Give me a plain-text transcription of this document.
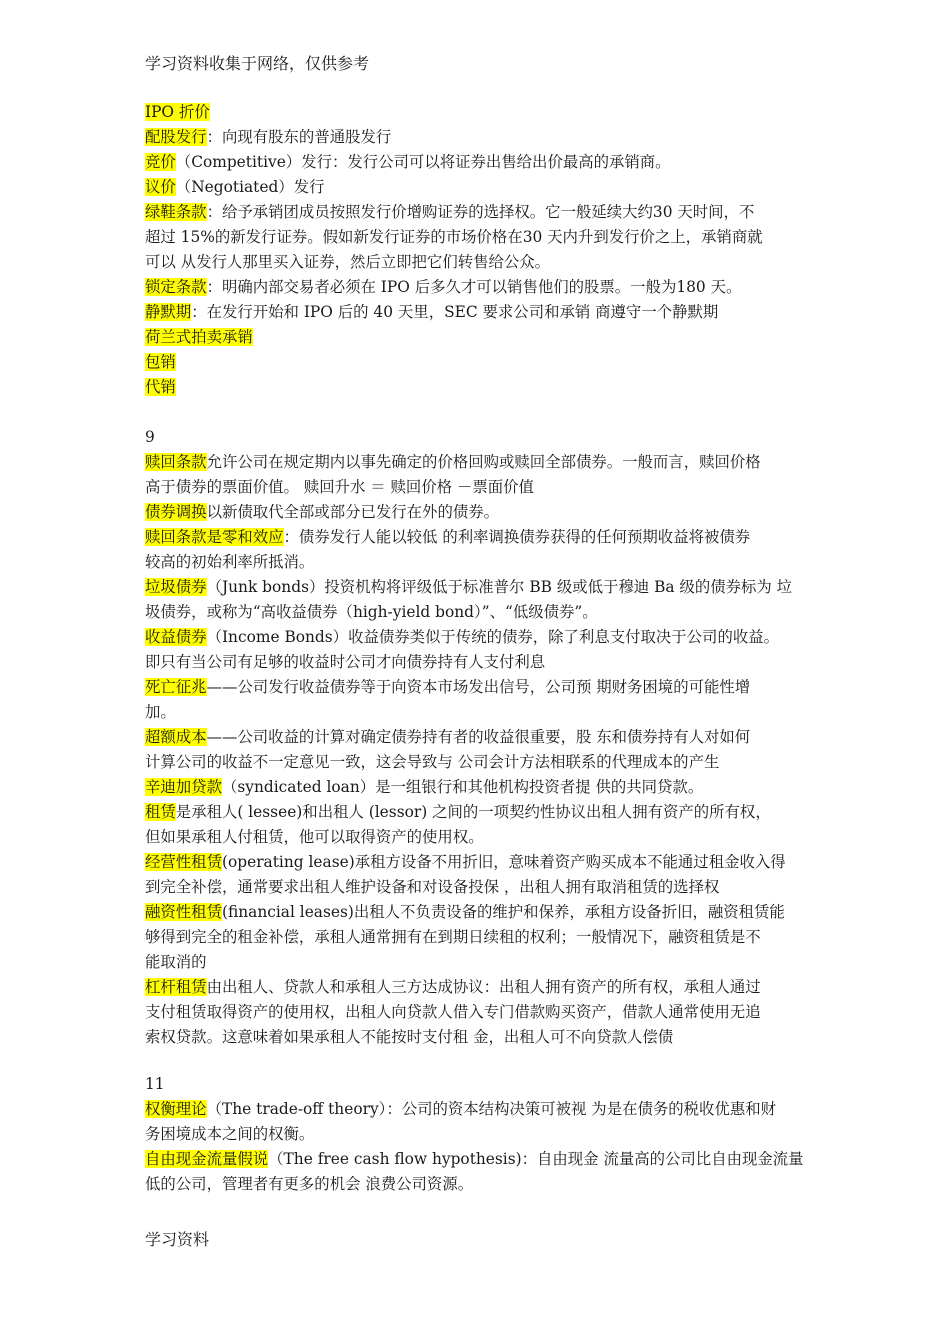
学习资料收集于网络，仅供参考
IPO 折价
配股发行：向现有股东的普通股发行
竞价（Competitive）发行：发行公司可以将证券出售给出价最高的承销商。
议价（Negotiated）发行
绿鞋条款：给予承销团成员按照发行价增购证券的选择权。它一般延续大约30 天时间，不
超过 15%的新发行证券。假如新发行证券的市场价格在30 天内升到发行价之上，承销商就
可以 从发行人那里买入证券，然后立即把它们转售给公众。
锁定条款：明确内部交易者必须在 IPO 后多久才可以销售他们的股票。一般为180 天。
静默期：在发行开始和 IPO 后的 40 天里，SEC 要求公司和承销 商遵守一个静默期
荷兰式拍卖承销
包销
代销
9
赎回条款允许公司在规定期内以事先确定的价格回购或赎回全部债券。一般而言，赎回价格
高于债券的票面价值。 赎回升水 ＝ 赎回价格 －票面价值
债券调换以新债取代全部或部分已发行在外的债券。
赎回条款是零和效应：债券发行人能以较低 的利率调换债券获得的任何预期收益将被债券
较高的初始利率所抵消。
垃圾债券（Junk bonds）投资机构将评级低于标准普尔 BB 级或低于穆迪 Ba 级的债券标为 垃
圾债券，或称为“高收益债券（high-yield bond）”、“低级债券”。
收益债券（Income Bonds）收益债券类似于传统的债券，除了利息支付取决于公司的收益。
即只有当公司有足够的收益时公司才向债券持有人支付利息
死亡征兆——公司发行收益债券等于向资本市场发出信号，公司预 期财务困境的可能性增
加。
超额成本——公司收益的计算对确定债券持有者的收益很重要，股 东和债券持有人对如何
计算公司的收益不一定意见一致，这会导致与 公司会计方法相联系的代理成本的产生
辛迪加贷款（syndicated loan）是一组银行和其他机构投资者提 供的共同贷款。
租赁是承租人( lessee)和出租人 (lessor) 之间的一项契约性协议出租人拥有资产的所有权，
但如果承租人付租赁，他可以取得资产的使用权。
经营性租赁(operating lease)承租方设备不用折旧，意味着资产购买成本不能通过租金收入得
到完全补偿，通常要求出租人维护设备和对设备投保 ，出租人拥有取消租赁的选择权
融资性租赁(financial leases)出租人不负责设备的维护和保养，承租方设备折旧，融资租赁能
够得到完全的租金补偿，承租人通常拥有在到期日续租的权利；一般情况下，融资租赁是不
能取消的
杠杆租赁由出租人、贷款人和承租人三方达成协议：出租人拥有资产的所有权，承租人通过
支付租赁取得资产的使用权，出租人向贷款人借入专门借款购买资产，借款人通常使用无追
索权贷款。这意味着如果承租人不能按时支付租 金，出租人可不向贷款人偿债
11
权衡理论（The trade-off theory）：公司的资本结构决策可被视 为是在债务的税收优惠和财
务困境成本之间的权衡。
自由现金流量假说（The free cash flow hypothesis)：自由现金 流量高的公司比自由现金流量
低的公司，管理者有更多的机会 浪费公司资源。
学习资料
